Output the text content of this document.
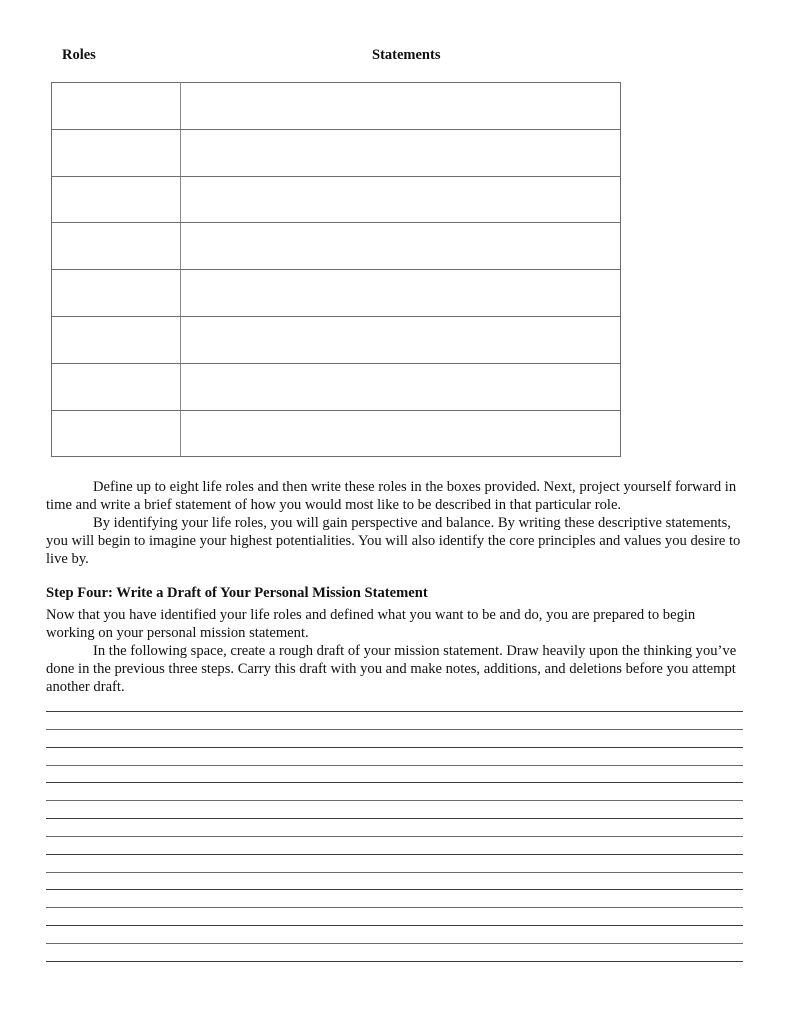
Roles	Statements

Define up to eight life roles and then write these roles in the boxes provided. Next, project yourself forward in time and write a brief statement of how you would most like to be described in that particular role.

By identifying your life roles, you will gain perspective and balance. By writing these descriptive statements, you will begin to imagine your highest potentialities. You will also identify the core principles and values you desire to live by.

Step Four: Write a Draft of Your Personal Mission Statement

Now that you have identified your life roles and defined what you want to be and do, you are prepared to begin working on your personal mission statement.

In the following space, create a rough draft of your mission statement. Draw heavily upon the thinking you’ve done in the previous three steps. Carry this draft with you and make notes, additions, and deletions before you attempt another draft.
